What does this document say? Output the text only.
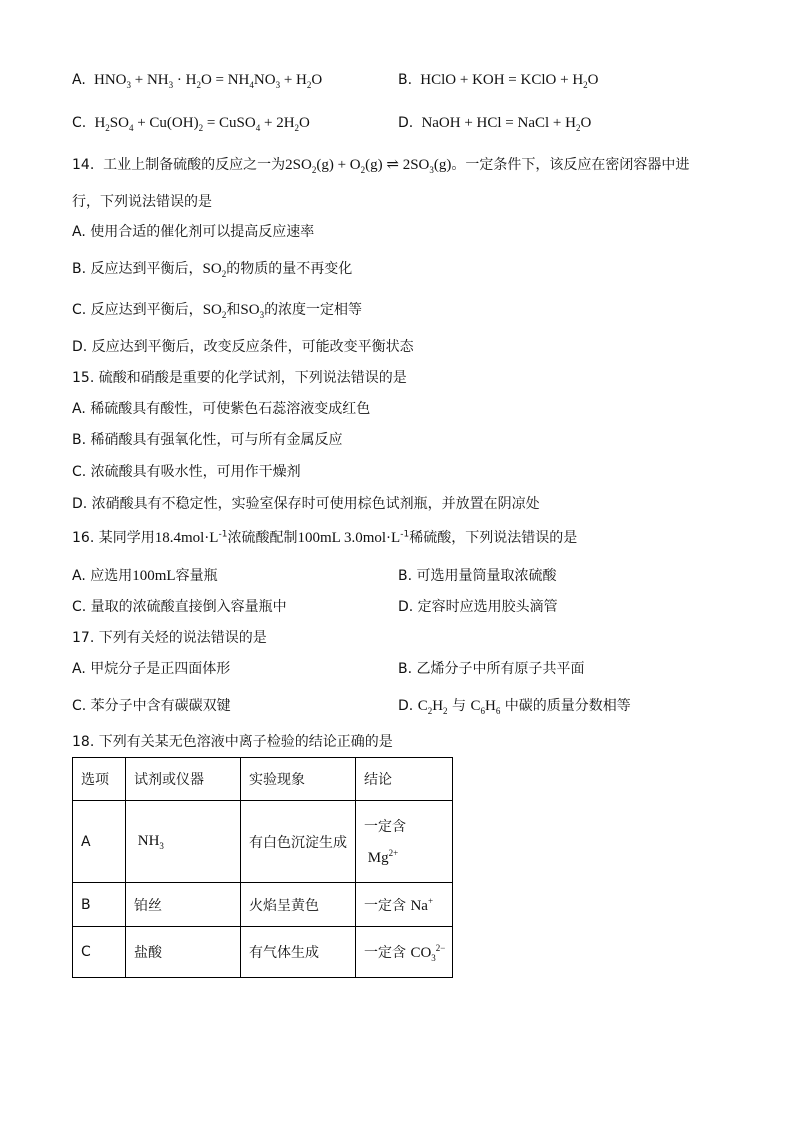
A.  $HNO_3 + NH_3 \cdot H_2O = NH_4NO_3 + H_2O$	B.  HClO + KOH = KClO + $H_2O$
C.  $H_2SO_4 + Cu(OH)_2$ = CuSO$_4$ + $2H_2O$	D.  NaOH + HCl = NaCl + $H_2O$
14. 工业上制备硫酸的反应之一为$2SO_2(g) + O_2(g)$ ⇌ $2SO_3(g)$。一定条件下，该反应在密闭容器中进
行，下列说法错误的是
A. 使用合适的催化剂可以提高反应速率
B. 反应达到平衡后，$SO_2$的物质的量不再变化
C. 反应达到平衡后，$SO_2$和$SO_3$的浓度一定相等
D. 反应达到平衡后，改变反应条件，可能改变平衡状态
15. 硫酸和硝酸是重要的化学试剂，下列说法错误的是
A. 稀硫酸具有酸性，可使紫色石蕊溶液变成红色
B. 稀硝酸具有强氧化性，可与所有金属反应
C. 浓硫酸具有吸水性，可用作干燥剂
D. 浓硝酸具有不稳定性，实验室保存时可使用棕色试剂瓶，并放置在阴凉处
16. 某同学用$18.4mol\cdot L^{-1}$浓硫酸配制100mL $3.0mol\cdot L^{-1}$稀硫酸，下列说法错误的是
A. 应选用100mL容量瓶	B. 可选用量筒量取浓硫酸
C. 量取的浓硫酸直接倒入容量瓶中	D. 定容时应选用胶头滴管
17. 下列有关烃的说法错误的是
A. 甲烷分子是正四面体形	B. 乙烯分子中所有原子共平面
C. 苯分子中含有碳碳双键	D. $C_2H_2$ 与 $C_6H_6$ 中碳的质量分数相等
18. 下列有关某无色溶液中离子检验的结论正确的是
选项	试剂或仪器	实验现象	结论
A	$NH_3$	有白色沉淀生成	一定含
$Mg^{2+}$

B	铂丝	火焰呈黄色	一定含 Na+
C	盐酸	有气体生成	一定含 $CO_3^{2-}$
